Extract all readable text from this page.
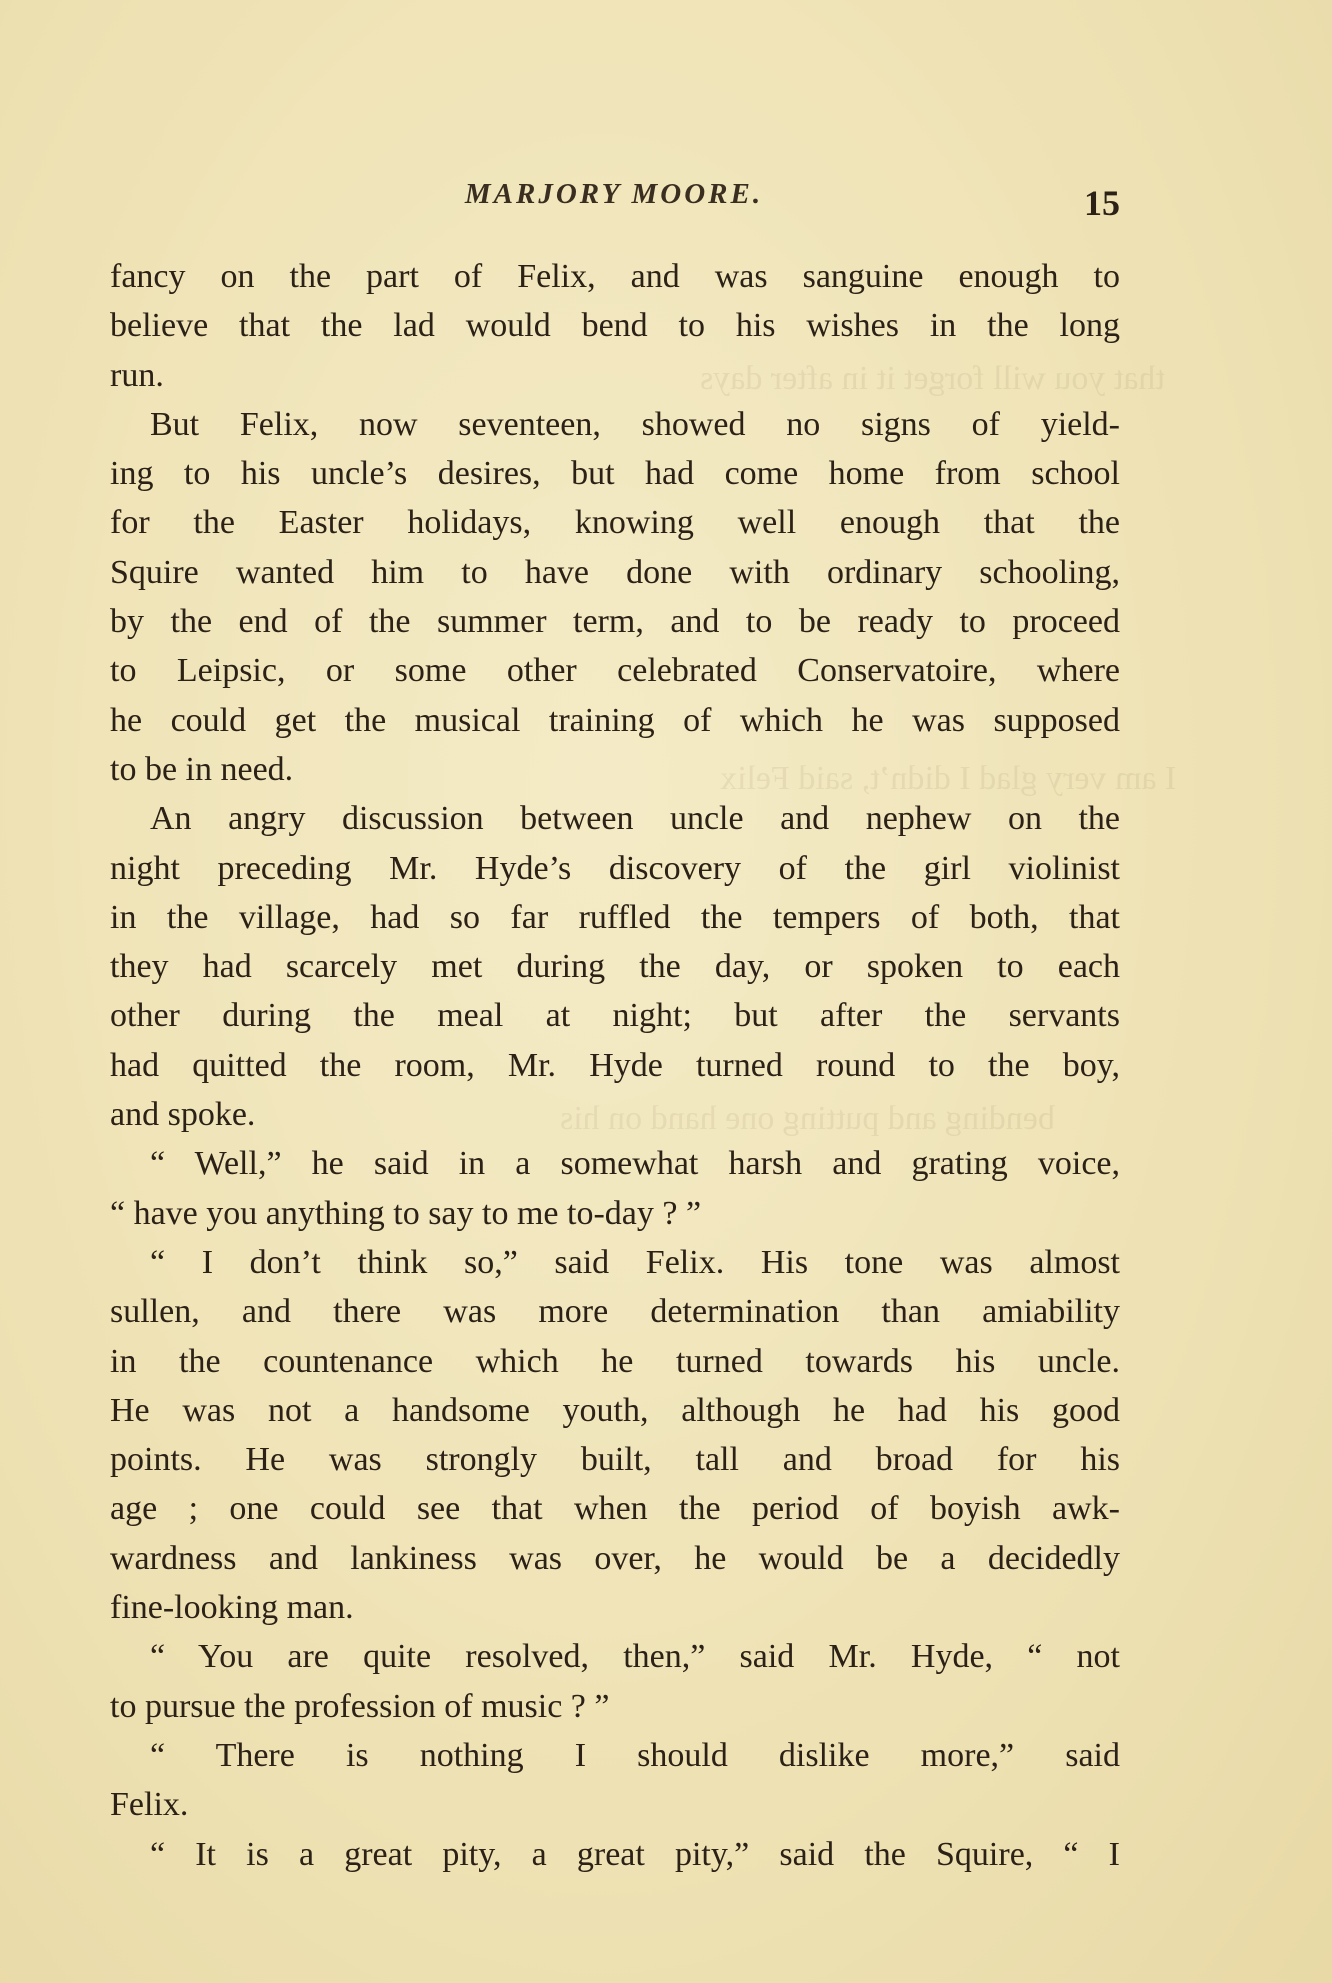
that you will forget it in after days
I am very glad I didn’t, said Felix
bending and putting one hand on his
MARJORY MOORE.	15
fancy on the part of Felix, and was sanguine enough to
believe that the lad would bend to his wishes in the long
run.
But Felix, now seventeen, showed no signs of yield-
ing to his uncle’s desires, but had come home from school
for the Easter holidays, knowing well enough that the
Squire wanted him to have done with ordinary schooling,
by the end of the summer term, and to be ready to proceed
to Leipsic, or some other celebrated Conservatoire, where
he could get the musical training of which he was supposed
to be in need.
An angry discussion between uncle and nephew on the
night preceding Mr. Hyde’s discovery of the girl violinist
in the village, had so far ruffled the tempers of both, that
they had scarcely met during the day, or spoken to each
other during the meal at night; but after the servants
had quitted the room, Mr. Hyde turned round to the boy,
and spoke.
“ Well,” he said in a somewhat harsh and grating voice,
“ have you anything to say to me to-day ? ”
“ I don’t think so,” said Felix. His tone was almost
sullen, and there was more determination than amiability
in the countenance which he turned towards his uncle.
He was not a handsome youth, although he had his good
points. He was strongly built, tall and broad for his
age ; one could see that when the period of boyish awk-
wardness and lankiness was over, he would be a decidedly
fine-looking man.
“ You are quite resolved, then,” said Mr. Hyde, “ not
to pursue the profession of music ? ”
“ There is nothing I should dislike more,” said
Felix.
“ It is a great pity, a great pity,” said the Squire, “ I
